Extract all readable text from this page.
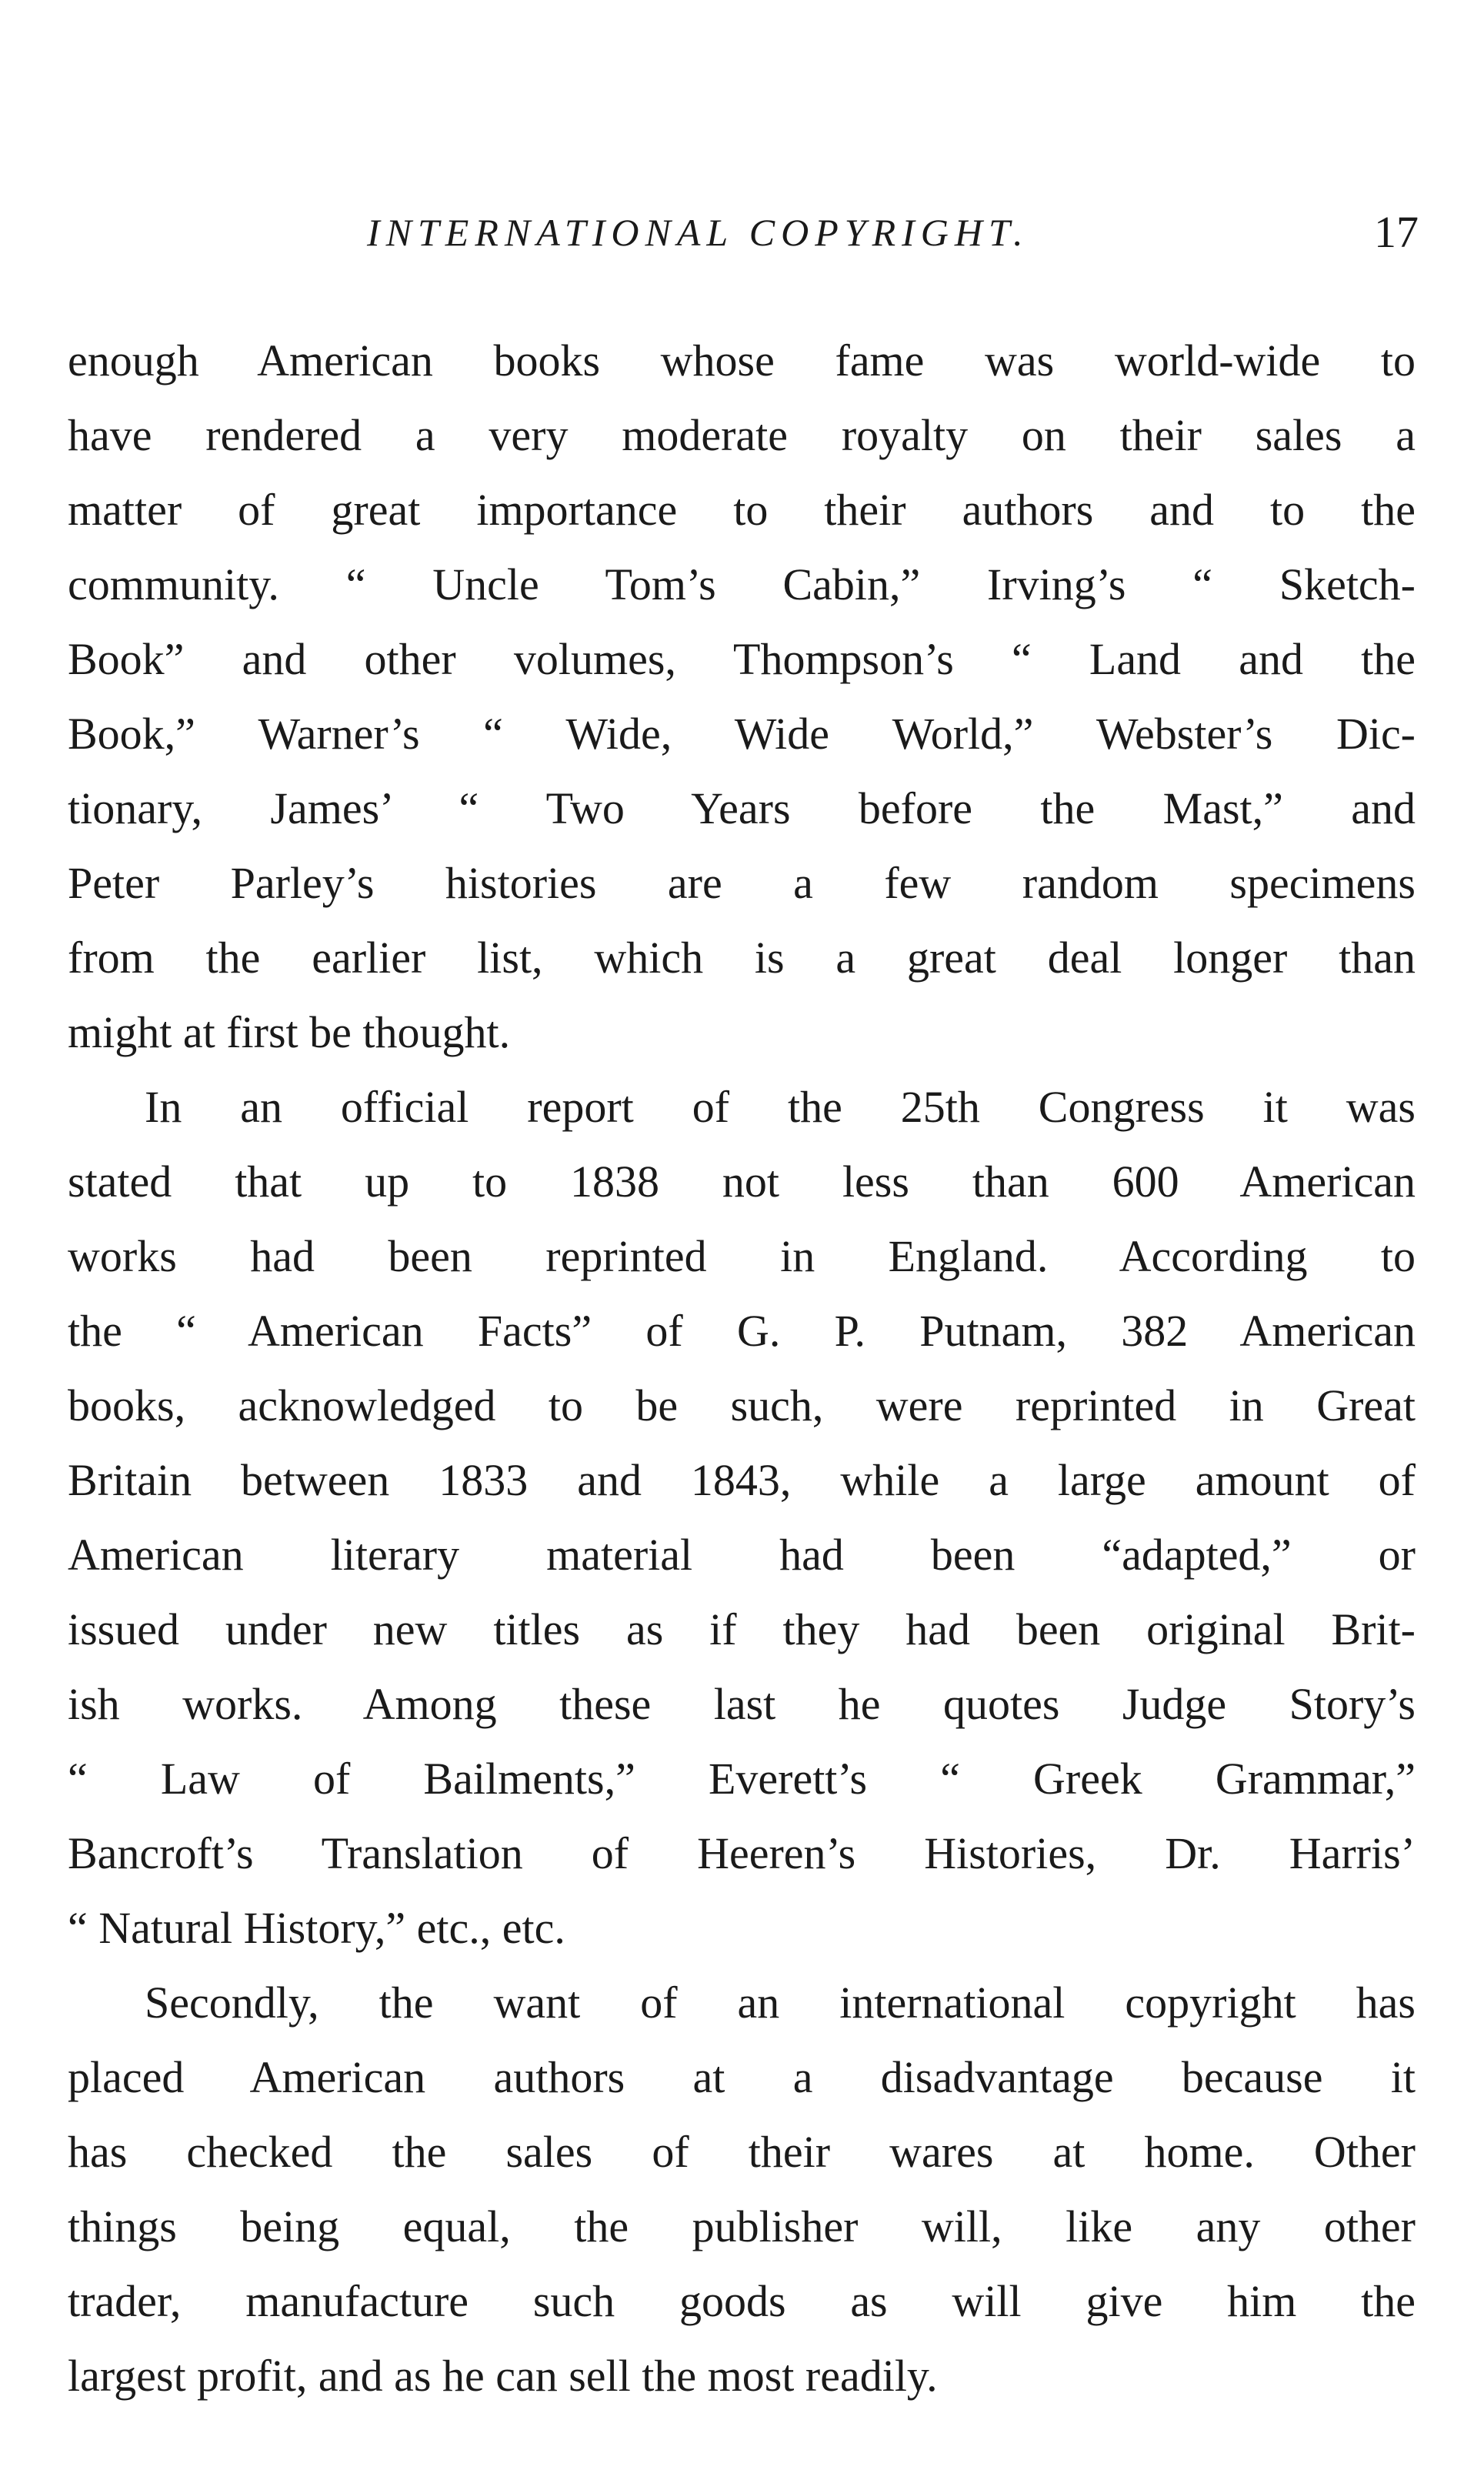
INTERNATIONAL COPYRIGHT.	17
enough American books whose fame was world-wide to
have rendered a very moderate royalty on their sales a
matter of great importance to their authors and to the
community. “ Uncle Tom’s Cabin,” Irving’s “ Sketch-
Book” and other volumes, Thompson’s “ Land and the
Book,” Warner’s “ Wide, Wide World,” Webster’s Dic-
tionary, James’ “ Two Years before the Mast,” and
Peter Parley’s histories are a few random specimens
from the earlier list, which is a great deal longer than
might at first be thought.
In an official report of the 25th Congress it was
stated that up to 1838 not less than 600 American
works had been reprinted in England. According to
the “ American Facts” of G. P. Putnam, 382 American
books, acknowledged to be such, were reprinted in Great
Britain between 1833 and 1843, while a large amount of
American literary material had been “adapted,” or
issued under new titles as if they had been original Brit-
ish works. Among these last he quotes Judge Story’s
“ Law of Bailments,” Everett’s “ Greek Grammar,”
Bancroft’s Translation of Heeren’s Histories, Dr. Harris’
“ Natural History,” etc., etc.
Secondly, the want of an international copyright has
placed American authors at a disadvantage because it
has checked the sales of their wares at home. Other
things being equal, the publisher will, like any other
trader, manufacture such goods as will give him the
largest profit, and as he can sell the most readily.
